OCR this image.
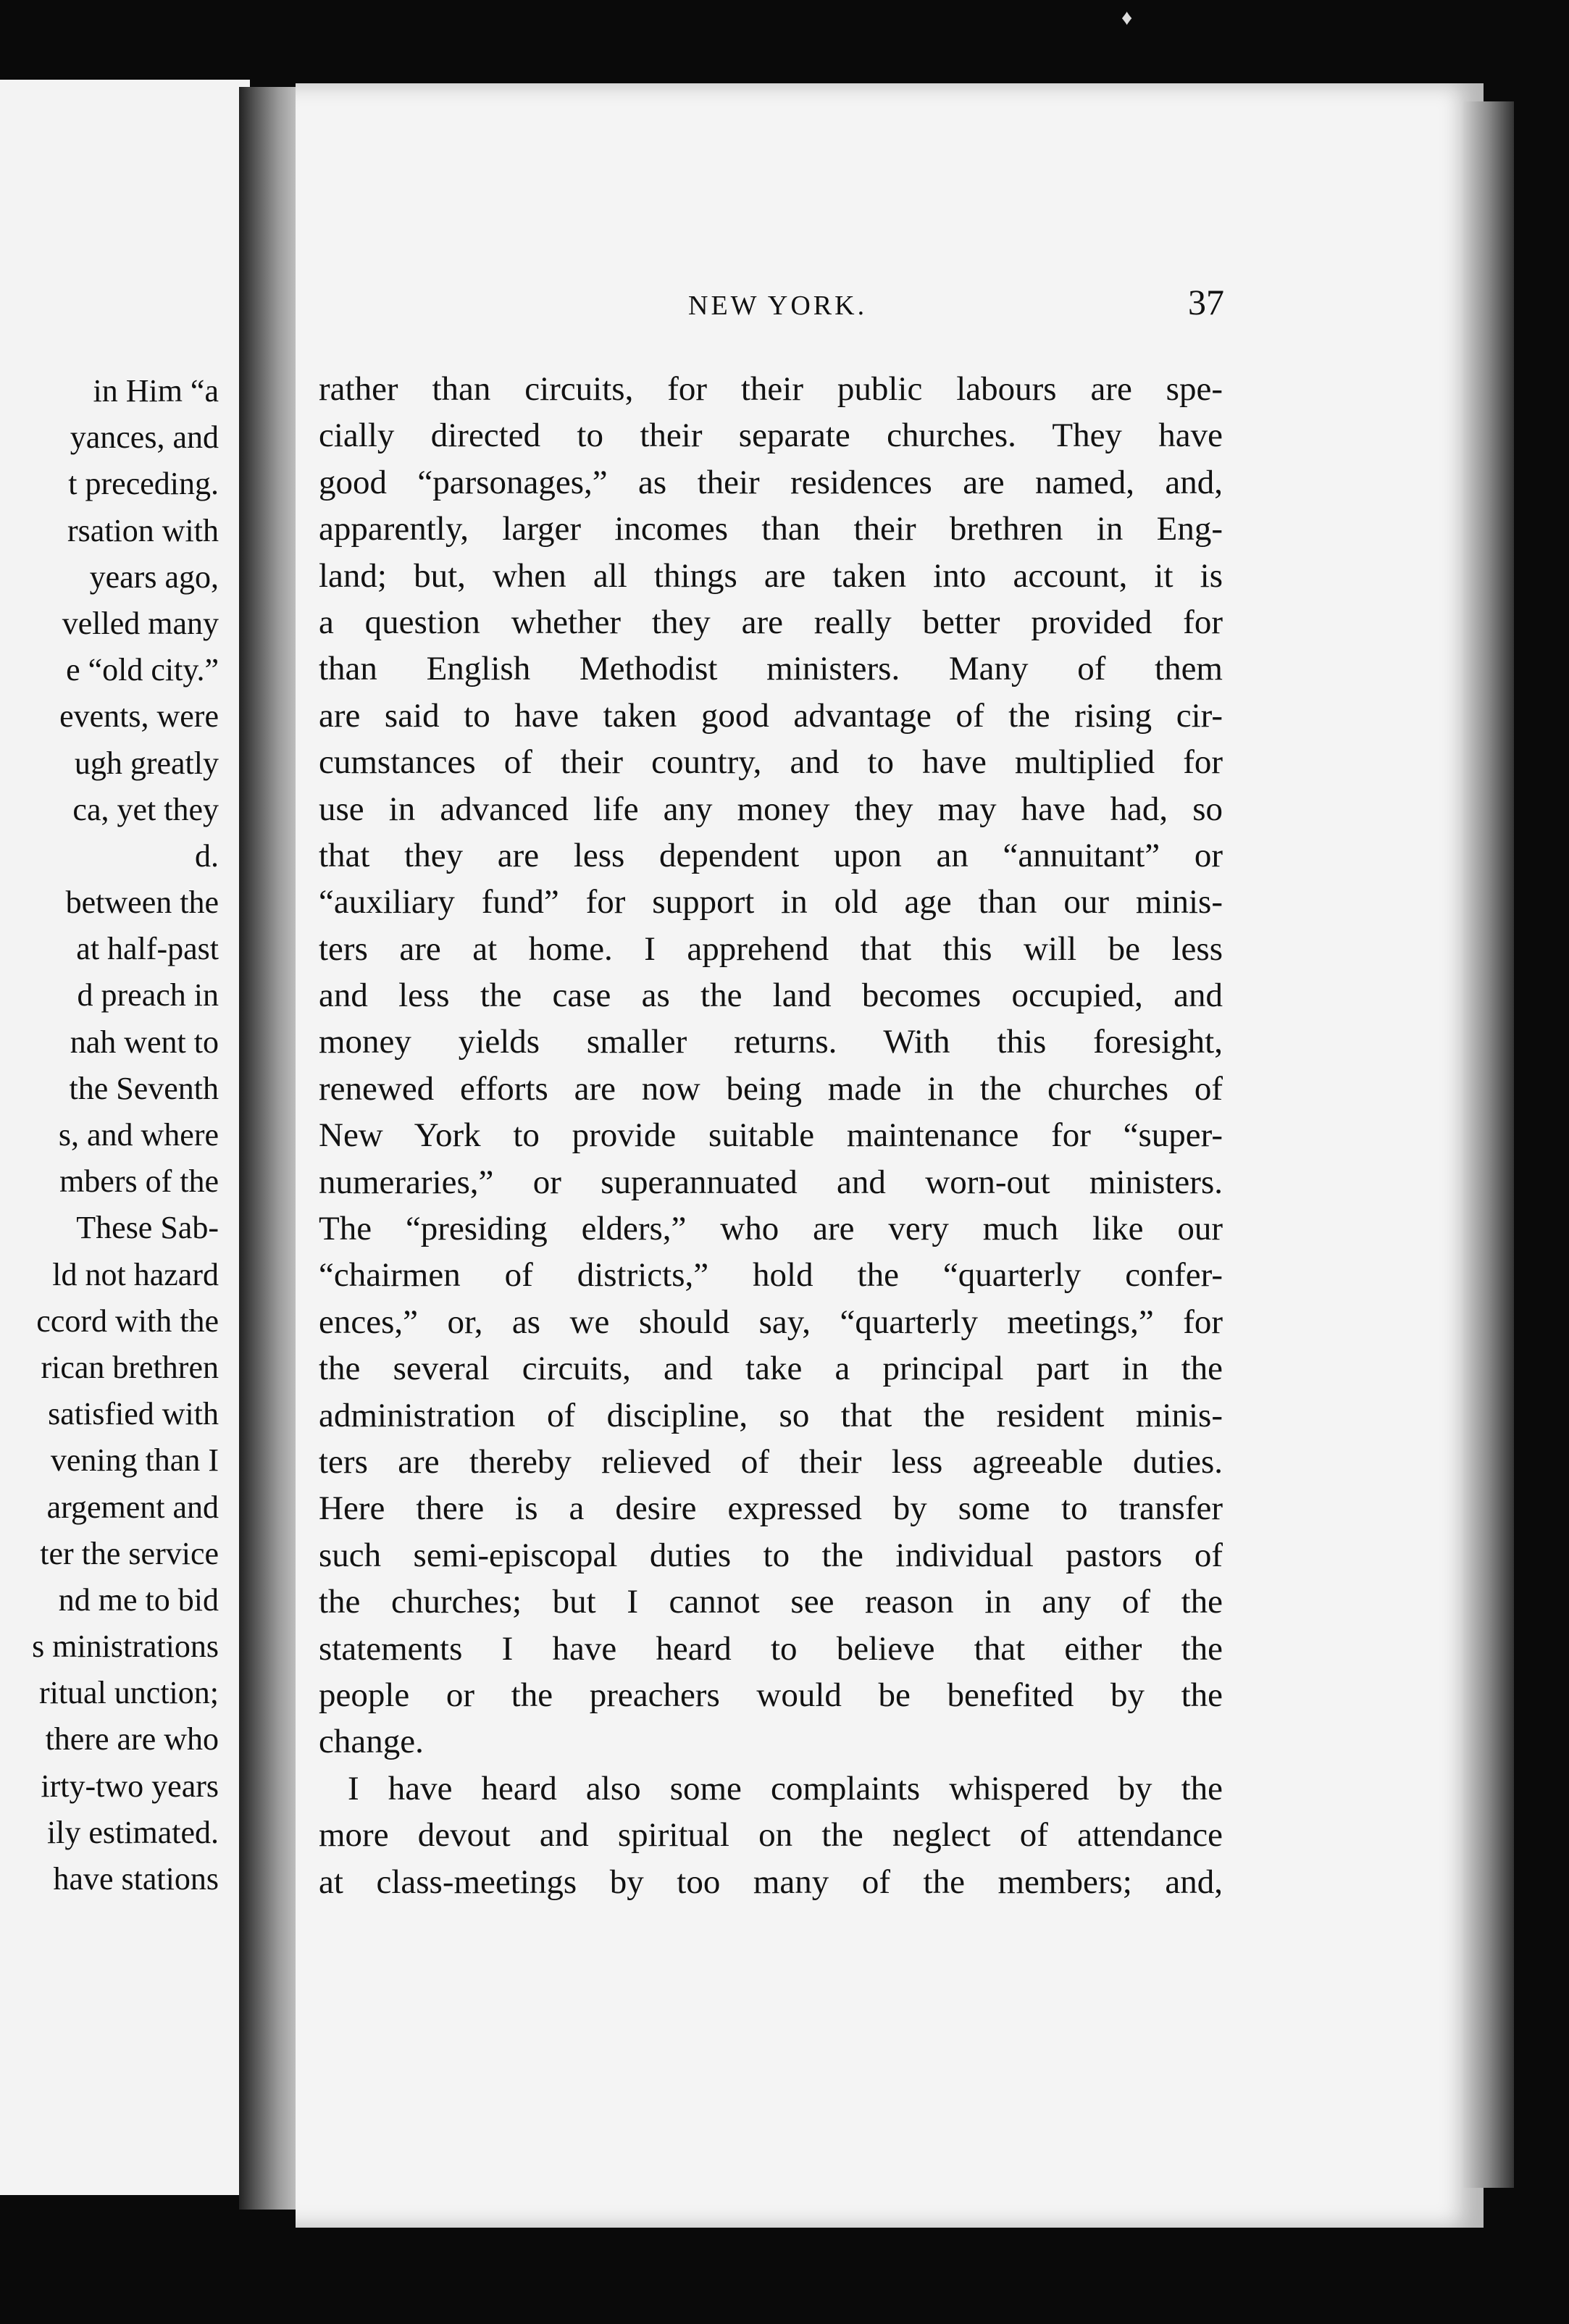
♦
in Him “a
yances, and
t preceding.
rsation with
years ago,
velled many
e “old city.”
events, were
ugh greatly
ca, yet they
d.
between the
at half-past
d preach in
nah went to
the Seventh
s, and where
mbers of the
These Sab-
ld not hazard
ccord with the
rican brethren
satisfied with
vening than I
argement and
ter the service
nd me to bid
s ministrations
ritual unction;
there are who
irty-two years
ily estimated.
have stations
NEW YORK.	37
rather than circuits, for their public labours are spe-
cially directed to their separate churches. They have
good “parsonages,” as their residences are named, and,
apparently, larger incomes than their brethren in Eng-
land; but, when all things are taken into account, it is
a question whether they are really better provided for
than English Methodist ministers. Many of them
are said to have taken good advantage of the rising cir-
cumstances of their country, and to have multiplied for
use in advanced life any money they may have had, so
that they are less dependent upon an “annuitant” or
“auxiliary fund” for support in old age than our minis-
ters are at home. I apprehend that this will be less
and less the case as the land becomes occupied, and
money yields smaller returns. With this foresight,
renewed efforts are now being made in the churches of
New York to provide suitable maintenance for “super-
numeraries,” or superannuated and worn-out ministers.
The “presiding elders,” who are very much like our
“chairmen of districts,” hold the “quarterly confer-
ences,” or, as we should say, “quarterly meetings,” for
the several circuits, and take a principal part in the
administration of discipline, so that the resident minis-
ters are thereby relieved of their less agreeable duties.
Here there is a desire expressed by some to transfer
such semi-episcopal duties to the individual pastors of
the churches; but I cannot see reason in any of the
statements I have heard to believe that either the
people or the preachers would be benefited by the
change.
I have heard also some complaints whispered by the
more devout and spiritual on the neglect of attendance
at class-meetings by too many of the members; and,
